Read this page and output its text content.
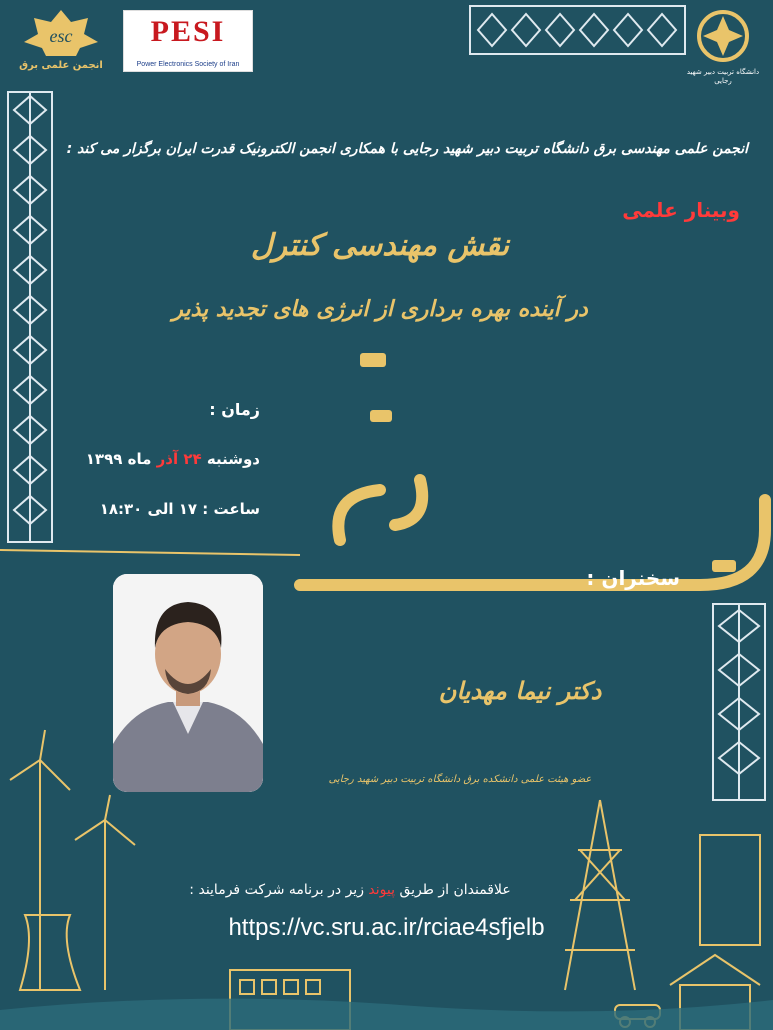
esc
انجمن علمی برق
PESI
Power Electronics Society of Iran
دانشگاه تربیت دبیر شهید رجایی
انجمن علمی مهندسی برق دانشگاه تربیت دبیر شهید رجایی با همکاری انجمن الکترونیک قدرت ایران برگزار می کند :
وبینار علمی
نقش مهندسی کنترل
در آینده بهره برداری از انرژی های تجدید پذیر
زمان :
دوشنبه ۲۴ آذر ماه ۱۳۹۹
ساعت : ۱۷ الی ۱۸:۳۰
سخنران :
دکتر نیما مهدیان
عضو هیئت علمی دانشکده برق دانشگاه تربیت دبیر شهید رجایی
علاقمندان از طریق پیوند زیر در برنامه شرکت فرمایند :
https://vc.sru.ac.ir/rciae4sfjelb
